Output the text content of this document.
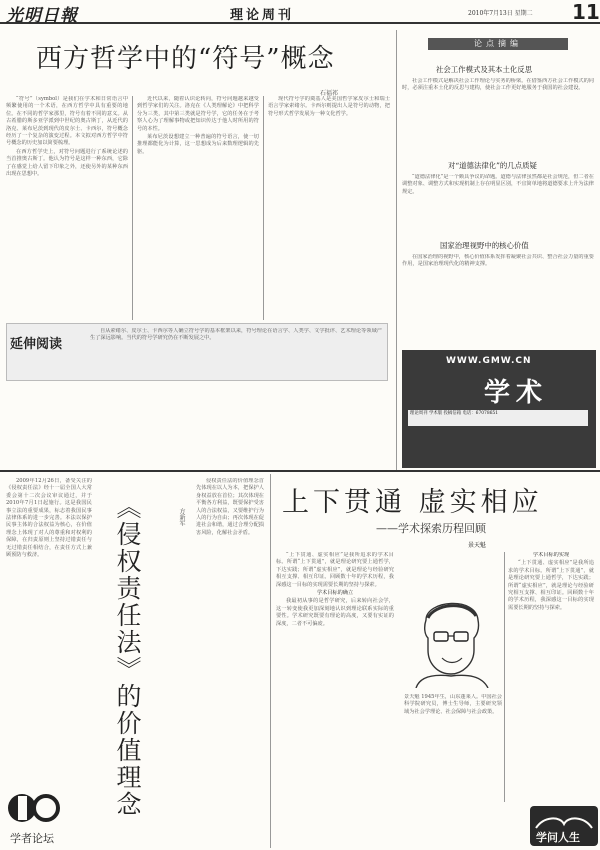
光明日報	理论周刊	2010年7月13日 星期二 11
西方哲学中的“符号”概念
石福祁

“符号”（symbol）是我们在学术和日常语言中频繁使用的一个术语，在西方哲学中具有重要的地位。在不同的哲学家那里，符号有着不同的意义。从古希腊的斯多亚学派到中世纪的奥古斯丁，从近代的洛克、莱布尼茨到现代的皮尔士、卡西尔，符号概念经历了一个复杂的演变过程。本文拟对西方哲学中符号概念的历史加以简要梳理。

在西方哲学史上，对符号问题进行了系统论述的当首推奥古斯丁。他认为符号是这样一种东西，它除了在感觉上给人留下印象之外，还使另外的某种东西出现在思想中。

近代以来，随着认识论转向，符号问题越来越受到哲学家们的关注。洛克在《人类理解论》中把科学分为三类，其中第三类就是符号学，它的任务在于考察人心为了理解事物或把知识传达于他人时所用的符号的本性。

莱布尼茨设想建立一种普遍的符号语言，使一切推理都能化为计算，这一思想成为后来数理逻辑的先驱。

现代符号学的奠基人是美国哲学家皮尔士和瑞士语言学家索绪尔。卡西尔则提出人是符号的动物，把符号形式哲学发展为一种文化哲学。

延伸阅读

自从索绪尔、皮尔士、卡西尔等人确立符号学的基本框架以来，符号理论在语言学、人类学、文学批评、艺术理论等领域产生了深远影响。当代的符号学研究仍在不断发展之中。

论点摘编
社会工作模式及其本土化反思

社会工作模式是解决社会工作理论与实务的桥梁。在借鉴西方社会工作模式的同时，必须注重本土化的反思与建构，使社会工作更好地服务于我国的社会建设。

对“道德法律化”的几点质疑

“道德法律化”是一个颇具争议的命题。道德与法律虽然都是社会规范，但二者在调整对象、调整方式和实现机制上存在明显区别，不宜简单地将道德要求上升为法律规定。

国家治理视野中的核心价值

在国家治理的视野中，核心价值体系发挥着凝聚社会共识、整合社会力量的重要作用，是国家治理现代化的精神支撑。

WWW.GMW.CN
学术
理论周刊 学术版 投稿信箱 电话：67078651

2009年12月26日，备受关注的《侵权责任法》经十一届全国人大常委会第十二次会议审议通过，并于2010年7月1日起施行。这是我国民事立法的重要成果，标志着我国民事法律体系的进一步完善。本法以保护民事主体的合法权益为核心，在价值理念上体现了对人的尊重和对权利的保障，在归责原则上坚持过错责任与无过错责任相结合，在责任方式上兼顾预防与救济。	《侵权责任法》的价值理念	方新军

侵权责任法的价值理念首先体现在以人为本，把保护人身权益放在首位；其次体现在平衡各方利益，既要保护受害人的合法权益，又要维护行为人的行为自由；再次体现在促进社会和谐，通过合理分配损害风险，化解社会矛盾。

学者论坛
上下贯通 虚实相应
——学术探索历程回顾
景天魁

“上下贯通、虚实相应”是我所追求的学术目标。所谓“上下贯通”，就是理论研究要上通哲学，下达实践；所谓“虚实相应”，就是理论与经验研究相互支撑、相互印证。回顾数十年的学术历程，我深感这一目标的实现需要长期的坚持与探索。

学术目标的确立

我最初从事的是哲学研究，后来转向社会学，这一转变使我更加深刻地认识到理论联系实际的重要性。学术研究既要有理论的高度，又要有实证的深度，二者不可偏废。

景天魁 1945年生，山东蓬莱人。中国社会科学院研究员，博士生导师，主要研究领域为社会学理论、社会保障与社会政策。

学术目标的实现

“上下贯通、虚实相应”是我所追求的学术目标。所谓“上下贯通”，就是理论研究要上通哲学，下达实践；所谓“虚实相应”，就是理论与经验研究相互支撑、相互印证。回顾数十年的学术历程，我深感这一目标的实现需要长期的坚持与探索。

学问人生
